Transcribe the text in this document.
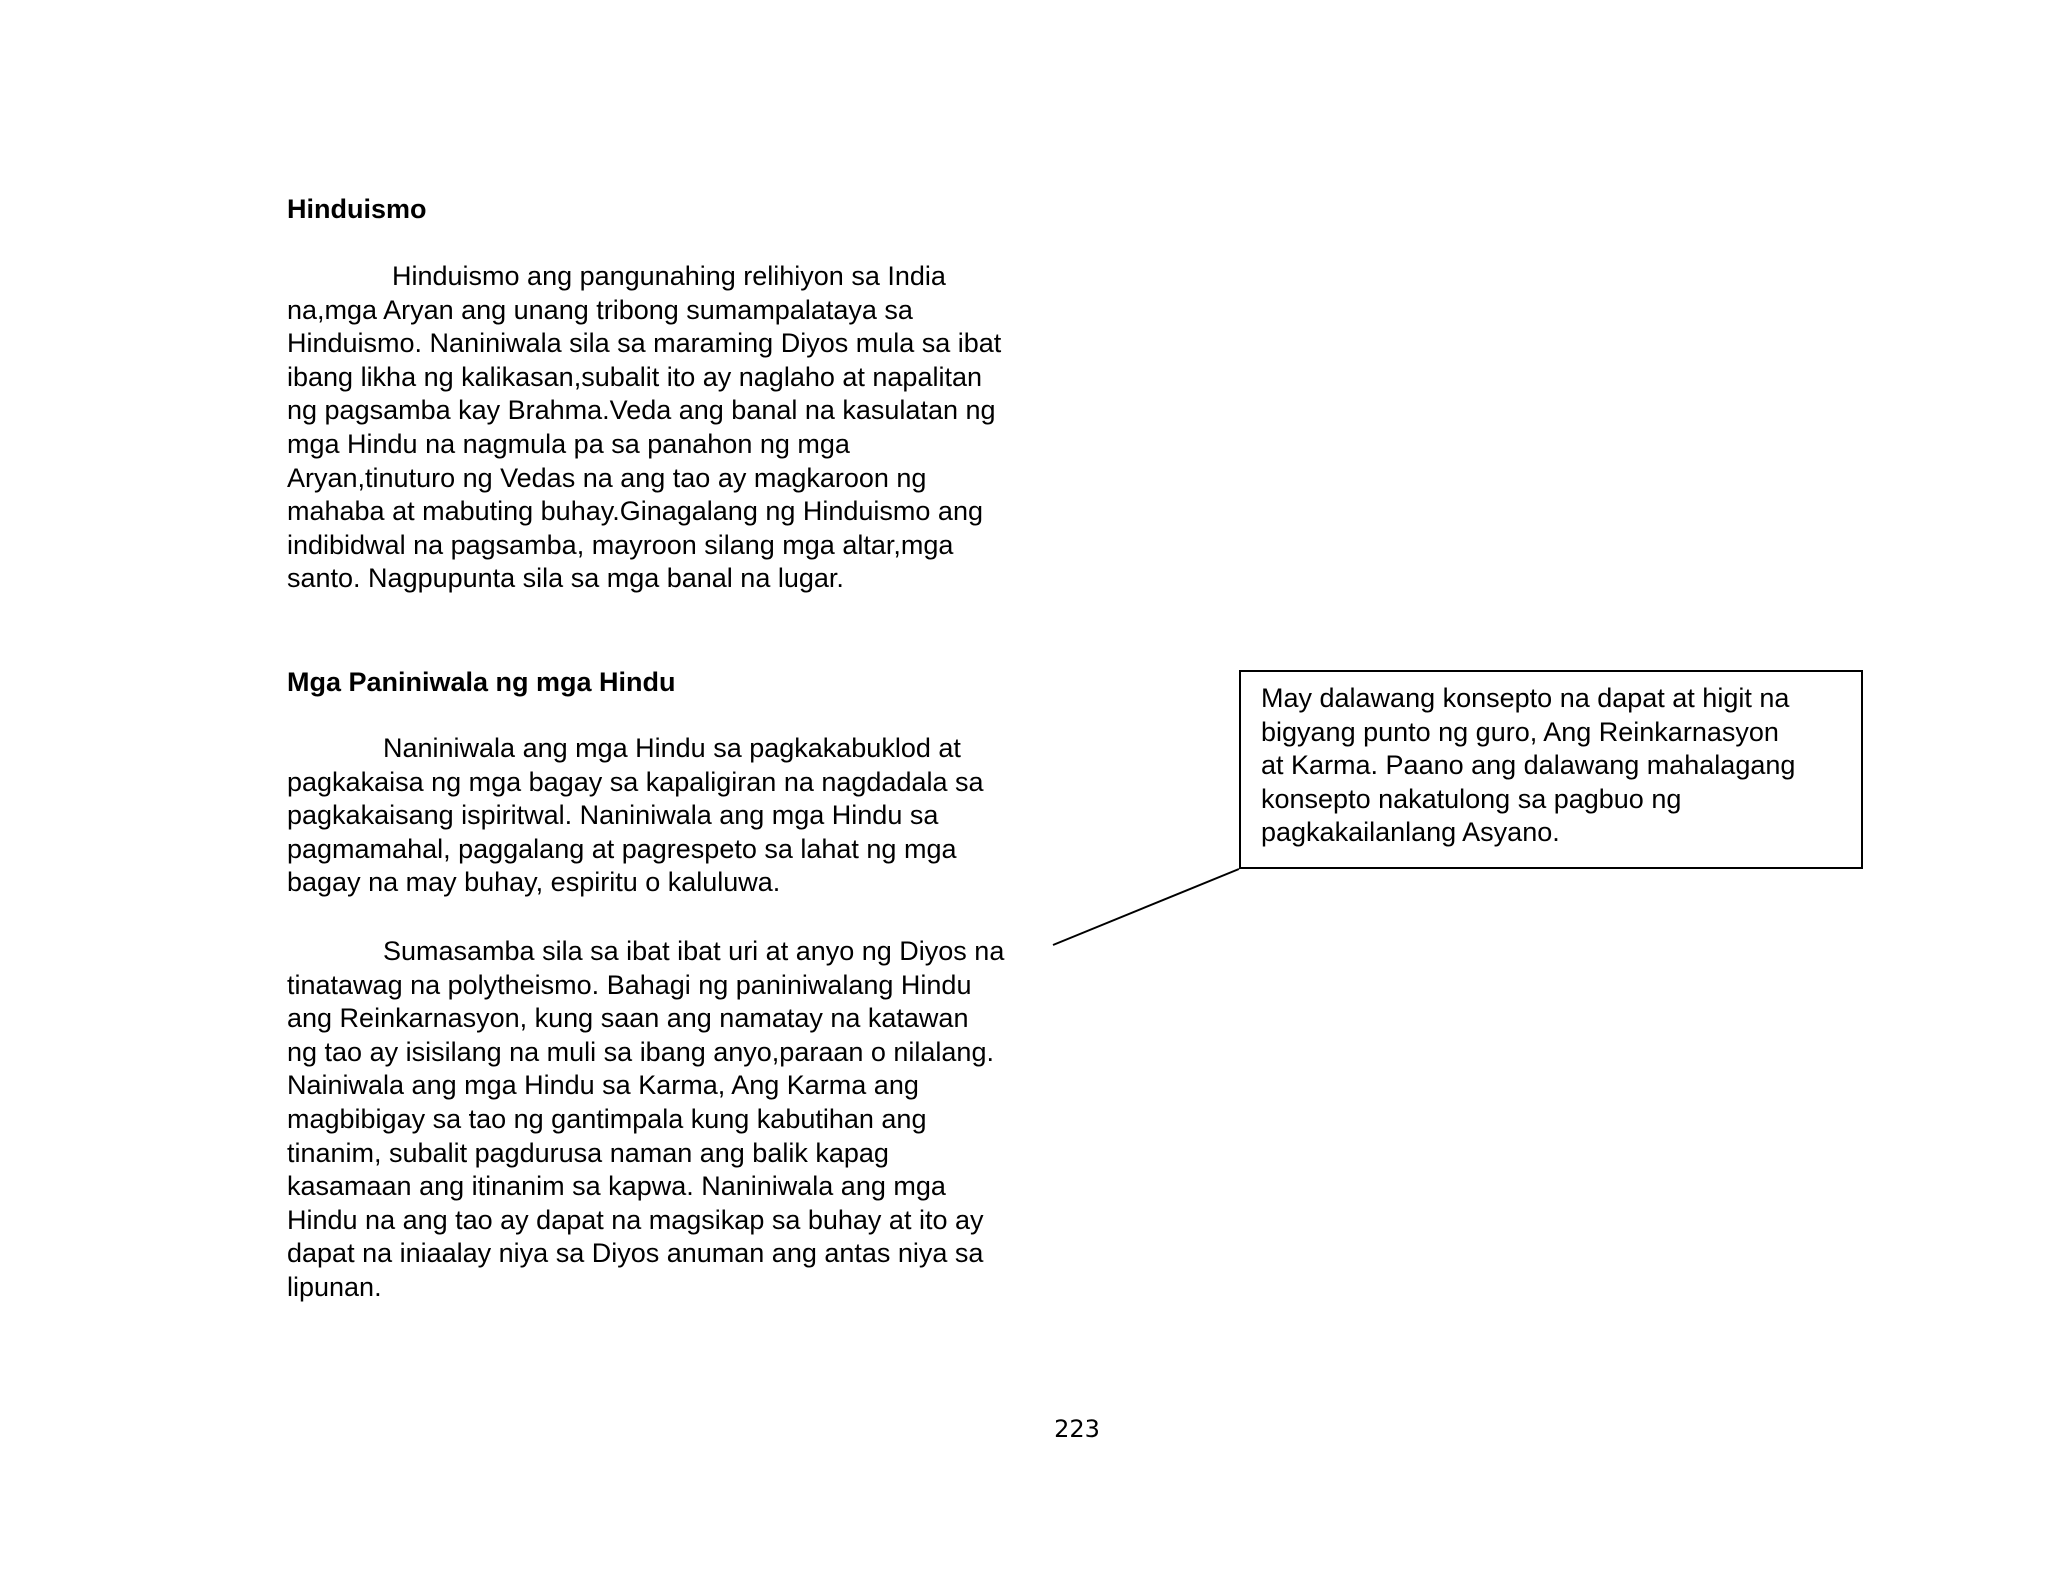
Hinduismo
Hinduismo ang pangunahing relihiyon sa India
na,mga Aryan ang unang tribong sumampalataya sa
Hinduismo. Naniniwala sila sa maraming Diyos mula sa ibat
ibang likha ng kalikasan,subalit ito ay naglaho at napalitan
ng pagsamba kay Brahma.Veda ang banal na kasulatan ng
mga Hindu na nagmula pa sa panahon ng mga
Aryan,tinuturo ng Vedas na ang tao ay magkaroon ng
mahaba at mabuting buhay.Ginagalang ng Hinduismo ang
indibidwal na pagsamba, mayroon silang mga altar,mga
santo. Nagpupunta sila sa mga banal na lugar.
Mga Paniniwala ng mga Hindu
Naniniwala ang mga Hindu sa pagkakabuklod at
pagkakaisa ng mga bagay sa kapaligiran na nagdadala sa
pagkakaisang ispiritwal. Naniniwala ang mga Hindu sa
pagmamahal, paggalang at pagrespeto sa lahat ng mga
bagay na may buhay, espiritu o kaluluwa.
Sumasamba sila sa ibat ibat uri at anyo ng Diyos na
tinatawag na polytheismo. Bahagi ng paniniwalang Hindu
ang Reinkarnasyon, kung saan ang namatay na katawan
ng tao ay isisilang na muli sa ibang anyo,paraan o nilalang.
Nainiwala ang mga Hindu sa Karma, Ang Karma ang
magbibigay sa tao ng gantimpala kung kabutihan ang
tinanim, subalit pagdurusa naman ang balik kapag
kasamaan ang itinanim sa kapwa. Naniniwala ang mga
Hindu na ang tao ay dapat na magsikap sa buhay at ito ay
dapat na iniaalay niya sa Diyos anuman ang antas niya sa
lipunan.
May dalawang konsepto na dapat at higit na
bigyang punto ng guro, Ang Reinkarnasyon
at Karma. Paano ang dalawang mahalagang
konsepto nakatulong sa pagbuo ng
pagkakailanlang Asyano.
223
